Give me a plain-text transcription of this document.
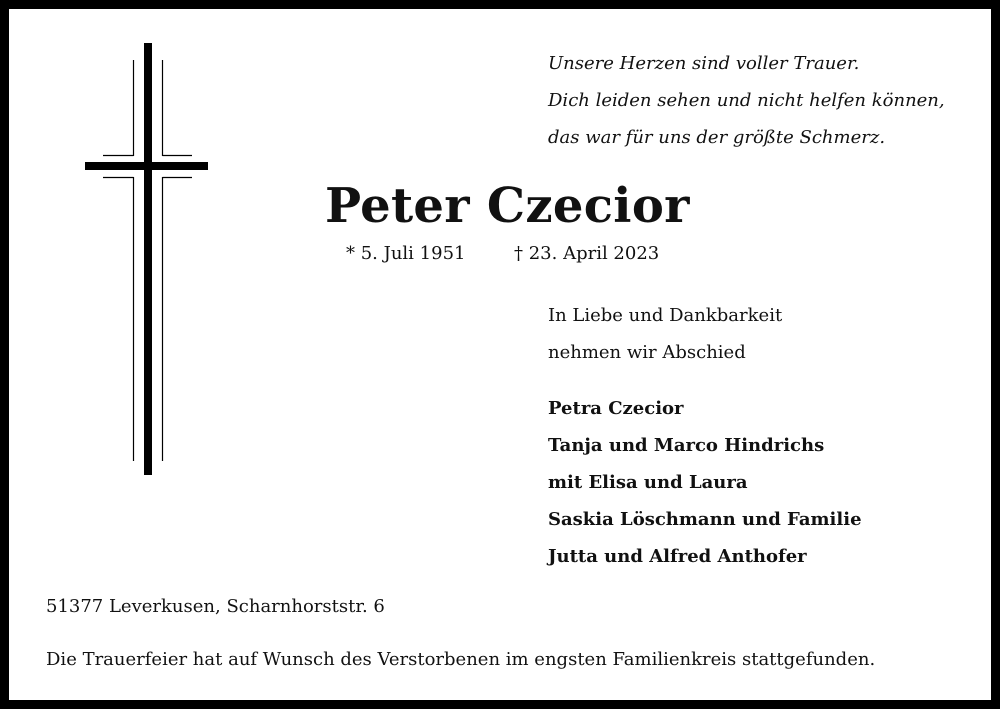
Unsere Herzen sind voller Trauer.
Dich leiden sehen und nicht helfen können,
das war für uns der größte Schmerz.
Peter Czecior
* 5. Juli 1951	† 23. April 2023
In Liebe und Dankbarkeit
nehmen wir Abschied
Petra Czecior
Tanja und Marco Hindrichs
mit Elisa und Laura
Saskia Löschmann und Familie
Jutta und Alfred Anthofer
51377 Leverkusen, Scharnhorststr. 6
Die Trauerfeier hat auf Wunsch des Verstorbenen im engsten Familienkreis stattgefunden.
